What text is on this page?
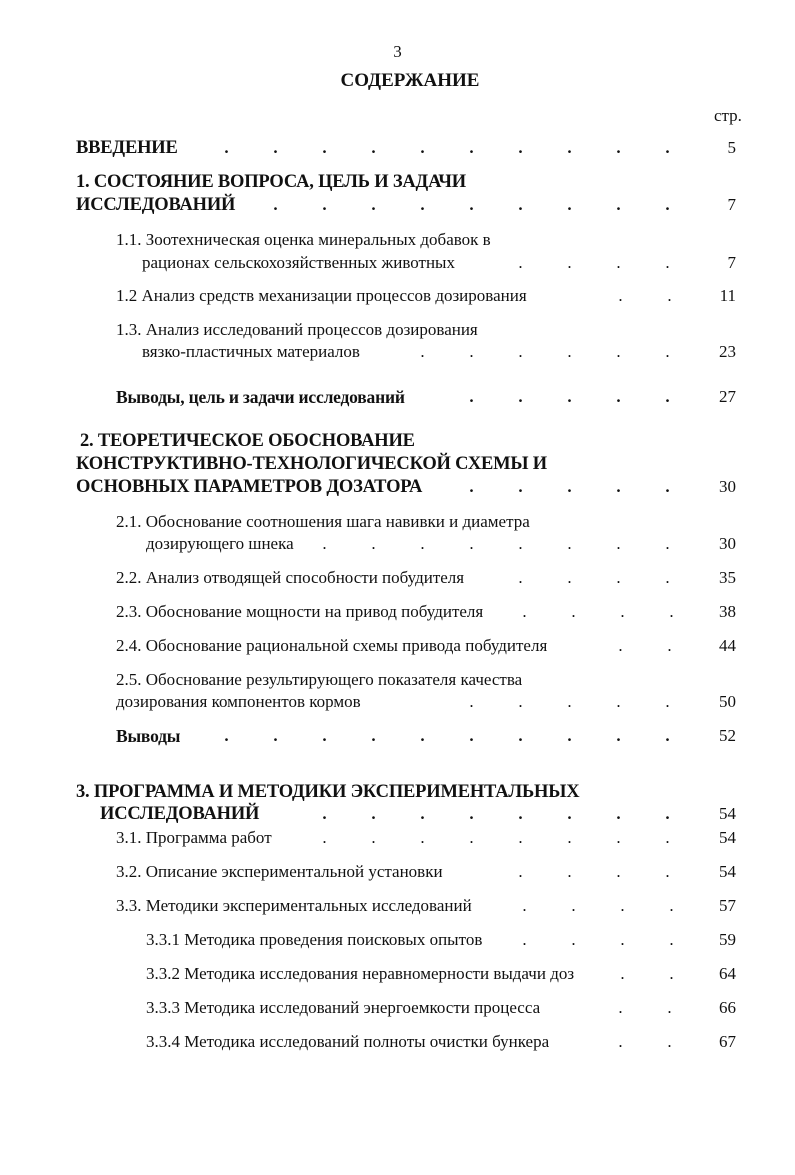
3
СОДЕРЖАНИЕ
стр.
ВВЕДЕНИЕ	.	.	.	.	.	.	.	.	.	.	5
1. СОСТОЯНИЕ ВОПРОСА, ЦЕЛЬ И ЗАДАЧИ
ИССЛЕДОВАНИЙ	.	.	.	.	.	.	.	.	.	7
1.1. Зоотехническая оценка минеральных добавок в
рационах сельскохозяйственных животных	.	.	.	.	7
1.2 Анализ средств механизации процессов дозирования	.	.	11
1.3. Анализ исследований процессов дозирования
вязко-пластичных материалов	.	.	.	.	.	.	23
Выводы, цель и задачи исследований	.	.	.	.	.	27
2. ТЕОРЕТИЧЕСКОЕ ОБОСНОВАНИЕ
КОНСТРУКТИВНО-ТЕХНОЛОГИЧЕСКОЙ СХЕМЫ И
ОСНОВНЫХ ПАРАМЕТРОВ ДОЗАТОРА	.	.	.	.	.	30
2.1. Обоснование соотношения шага навивки и диаметра
дозирующего шнека	.	.	.	.	.	.	.	.	30
2.2. Анализ отводящей способности побудителя	.	.	.	.	35
2.3. Обоснование мощности на привод побудителя	.	.	.	.	38
2.4. Обоснование рациональной схемы привода побудителя	.	.	44
2.5. Обоснование результирующего показателя качества
дозирования компонентов кормов	.	.	.	.	.	50
Выводы	.	.	.	.	.	.	.	.	.	.	52
3. ПРОГРАММА И МЕТОДИКИ ЭКСПЕРИМЕНТАЛЬНЫХ
ИССЛЕДОВАНИЙ	.	.	.	.	.	.	.	.	54
3.1. Программа работ	.	.	.	.	.	.	.	.	54
3.2. Описание экспериментальной установки	.	.	.	.	54
3.3. Методики экспериментальных исследований	.	.	.	.	57
3.3.1 Методика проведения поисковых опытов	.	.	.	.	59
3.3.2 Методика исследования неравномерности выдачи доз	.	.	64
3.3.3 Методика исследований энергоемкости процесса	.	.	66
3.3.4 Методика исследований полноты очистки бункера	.	.	67
